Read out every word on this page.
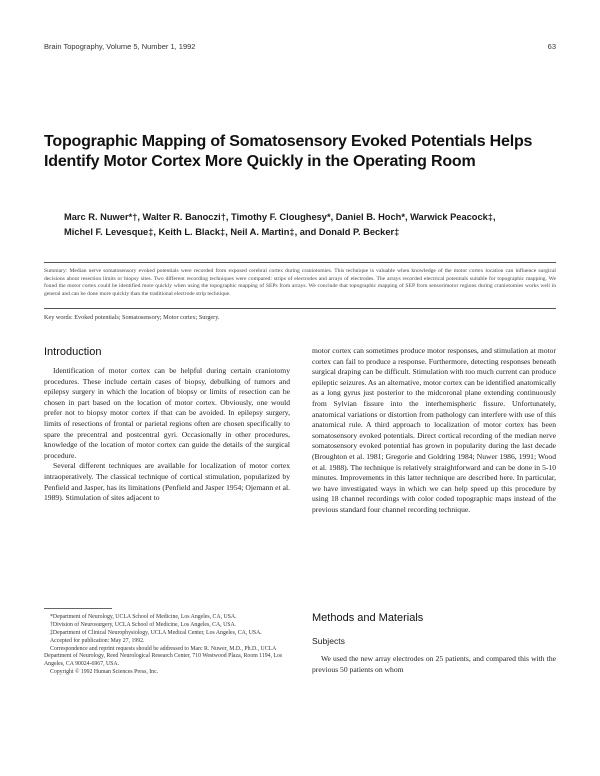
Brain Topography, Volume 5, Number 1, 1992	63
Topographic Mapping of Somatosensory Evoked Potentials Helps Identify Motor Cortex More Quickly in the Operating Room
Marc R. Nuwer*†, Walter R. Banoczi†, Timothy F. Cloughesy*, Daniel B. Hoch*, Warwick Peacock‡, Michel F. Levesque‡, Keith L. Black‡, Neil A. Martin‡, and Donald P. Becker‡
Summary: Median nerve somatosensory evoked potentials were recorded from exposed cerebral cortex during craniotomies. This technique is valuable when knowledge of the motor cortex location can influence surgical decisions about resection limits or biopsy sites. Two different recording techniques were compared: strips of electrodes and arrays of electrodes. The arrays recorded electrical potentials suitable for topographic mapping. We found the motor cortex could be identified more quickly when using the topographic mapping of SEPs from arrays. We conclude that topographic mapping of SEP from sensorimotor regions during craniotomies works well in general and can be done more quickly than the traditional electrode strip technique.
Key words: Evoked potentials; Somatosensory; Motor cortex; Surgery.
Introduction

Identification of motor cortex can be helpful during certain craniotomy procedures. These include certain cases of biopsy, debulking of tumors and epilepsy surgery in which the location of biopsy or limits of resection can be chosen in part based on the location of motor cortex. Obviously, one would prefer not to biopsy motor cortex if that can be avoided. In epilepsy surgery, limits of resections of frontal or parietal regions often are chosen specifically to spare the precentral and postcentral gyri. Occasionally in other procedures, knowledge of the location of motor cortex can guide the details of the surgical procedure.

Several different techniques are available for localization of motor cortex intraoperatively. The classical technique of cortical stimulation, popularized by Penfield and Jasper, has its limitations (Penfield and Jasper 1954; Ojemann et al. 1989). Stimulation of sites adjacent to

*Department of Neurology, UCLA School of Medicine, Los Angeles, CA, USA.

†Division of Neurosurgery, UCLA School of Medicine, Los Angeles, CA, USA.

‡Department of Clinical Neurophysiology, UCLA Medical Center, Los Angeles, CA, USA.

Accepted for publication: May 27, 1992.

Correspondence and reprint requests should be addressed to Marc R. Nuwer, M.D., Ph.D., UCLA Department of Neurology, Reed Neurological Research Center, 710 Westwood Plaza, Room 1194, Los Angeles, CA 90024-6967, USA.

Copyright © 1992 Human Sciences Press, Inc.

motor cortex can sometimes produce motor responses, and stimulation at motor cortex can fail to produce a response. Furthermore, detecting responses beneath surgical draping can be difficult. Stimulation with too much current can produce epileptic seizures. As an alternative, motor cortex can be identified anatomically as a long gyrus just posterior to the midcoronal plane extending continuously from Sylvian fissure into the interhemispheric fissure. Unfortunately, anatomical variations or distortion from pathology can interfere with use of this anatomical rule. A third approach to localization of motor cortex has been somatosensory evoked potentials. Direct cortical recording of the median nerve somatosensory evoked potential has grown in popularity during the last decade (Broughton et al. 1981; Gregorie and Goldring 1984; Nuwer 1986, 1991; Wood et al. 1988). The technique is relatively straightforward and can be done in 5-10 minutes. Improvements in this latter technique are described here. In particular, we have investigated ways in which we can help speed up this procedure by using 18 channel recordings with color coded topographic maps instead of the previous standard four channel recording technique.

Methods and Materials
Subjects

We used the new array electrodes on 25 patients, and compared this with the previous 50 patients on whom
